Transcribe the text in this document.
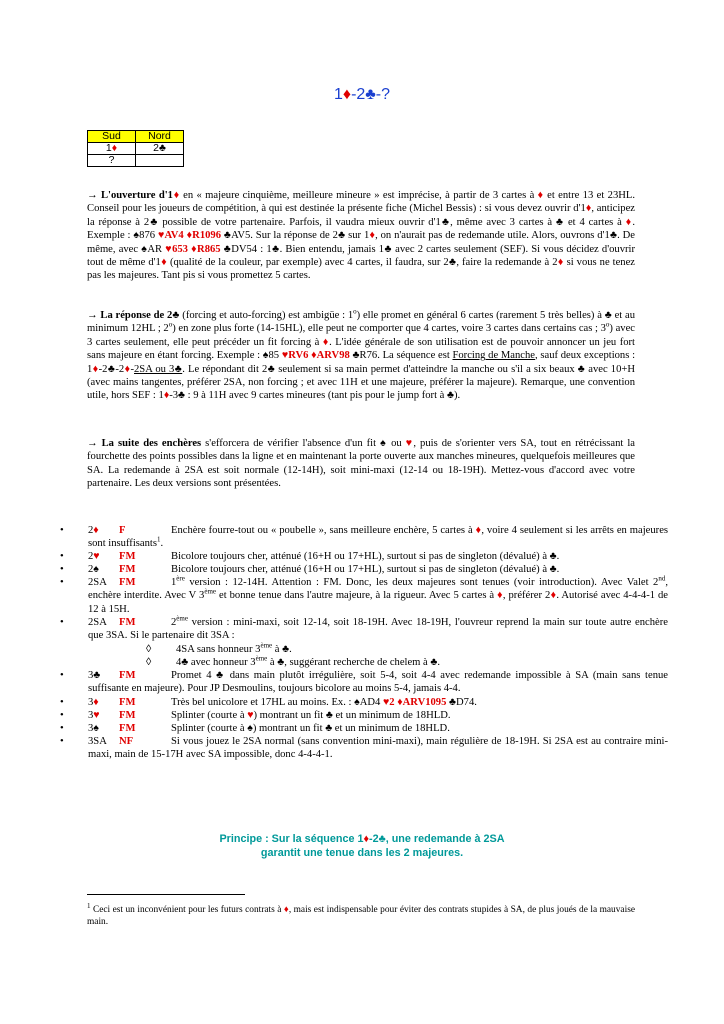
1♦-2♣-?
Sud	Nord
1♦	2♣
?	

→ L'ouverture d'1♦ en « majeure cinquième, meilleure mineure » est imprécise, à partir de 3 cartes à ♦ et entre 13 et 23HL. Conseil pour les joueurs de compétition, à qui est destinée la présente fiche (Michel Bessis) : si vous devez ouvrir d'1♦, anticipez la réponse à 2♣ possible de votre partenaire. Parfois, il vaudra mieux ouvrir d'1♣, même avec 3 cartes à ♣ et 4 cartes à ♦. Exemple : ♠876 ♥AV4 ♦R1096 ♣AV5. Sur la réponse de 2♣ sur 1♦, on n'aurait pas de redemande utile. Alors, ouvrons d'1♣. De même, avec ♠AR ♥653 ♦R865 ♣DV54 : 1♣. Bien entendu, jamais 1♣ avec 2 cartes seulement (SEF). Si vous décidez d'ouvrir tout de même d'1♦ (qualité de la couleur, par exemple) avec 4 cartes, il faudra, sur 2♣, faire la redemande à 2♦ si vous ne tenez pas les majeures. Tant pis si vous promettez 5 cartes.

→ La réponse de 2♣ (forcing et auto-forcing) est ambigüe : 1$^o$) elle promet en général 6 cartes (rarement 5 très belles) à ♣ et au minimum 12HL ; 2$^o$) en zone plus forte (14-15HL), elle peut ne comporter que 4 cartes, voire 3 cartes dans certains cas ; 3$^o$) avec 3 cartes seulement, elle peut précéder un fit forcing à ♦. L'idée générale de son utilisation est de pouvoir annoncer un jeu fort sans majeure en étant forcing. Exemple : ♠85 ♥RV6 ♦ARV98 ♣R76. La séquence est Forcing de Manche, sauf deux exceptions : 1♦-2♣-2♦-2SA ou 3♣. Le répondant dit 2♣ seulement si sa main permet d'atteindre la manche ou s'il a six beaux ♣ avec 10+H (avec mains tangentes, préférer 2SA, non forcing ; et avec 11H et une majeure, préférer la majeure). Remarque, une convention utile, hors SEF : 1♦-3♣ : 9 à 11H avec 9 cartes mineures (tant pis pour le jump fort à ♣).

→ La suite des enchères s'efforcera de vérifier l'absence d'un fit ♠ ou ♥, puis de s'orienter vers SA, tout en rétrécissant la fourchette des points possibles dans la ligne et en maintenant la porte ouverte aux manches mineures, quelquefois meilleures que SA. La redemande à 2SA est soit normale (12-14H), soit mini-maxi (12-14 ou 18-19H). Mettez-vous d'accord avec votre partenaire. Les deux versions sont présentées.

• 2♦ F	Enchère fourre-tout ou « poubelle », sans meilleure enchère, 5 cartes à ♦, voire 4 seulement si les arrêts en majeures sont insuffisants$^1$.
• 2♥ FM	Bicolore toujours cher, atténué (16+H ou 17+HL), surtout si pas de singleton (dévalué) à ♣.
• 2♠ FM	Bicolore toujours cher, atténué (16+H ou 17+HL), surtout si pas de singleton (dévalué) à ♣.
• 2SA FM	1ère version : 12-14H. Attention : FM. Donc, les deux majeures sont tenues (voir introduction). Avec Valet 2nd, enchère interdite. Avec V 3ème et bonne tenue dans l'autre majeure, à la rigueur. Avec 5 cartes à ♦, préférer 2♦. Autorisé avec 4-4-4-1 de 12 à 15H.
• 2SA FM	2ème version : mini-maxi, soit 12-14, soit 18-19H. Avec 18-19H, l'ouvreur reprend la main sur toute autre enchère que 3SA. Si le partenaire dit 3SA :
◊ 4SA sans honneur 3ème à ♣.
◊ 4♣ avec honneur 3ème à ♣, suggérant recherche de chelem à ♣.
• 3♣ FM	Promet 4 ♣ dans main plutôt irrégulière, soit 5-4, soit 4-4 avec redemande impossible à SA (main sans tenue suffisante en majeure). Pour JP Desmoulins, toujours bicolore au moins 5-4, jamais 4-4.
• 3♦ FM	Très bel unicolore et 17HL au moins. Ex. : ♠AD4 ♥2 ♦ARV1095 ♣D74.
• 3♥ FM	Splinter (courte à ♥) montrant un fit ♣ et un minimum de 18HLD.
• 3♠ FM	Splinter (courte à ♠) montrant un fit ♣ et un minimum de 18HLD.
• 3SA NF	Si vous jouez le 2SA normal (sans convention mini-maxi), main régulière de 18-19H. Si 2SA est au contraire mini-maxi, main de 15-17H avec SA impossible, donc 4-4-4-1.
Principe : Sur la séquence 1♦-2♣, une redemande à 2SA
garantit une tenue dans les 2 majeures.
$^1$ Ceci est un inconvénient pour les futurs contrats à ♦, mais est indispensable pour éviter des contrats stupides à SA, de plus joués de la mauvaise main.
